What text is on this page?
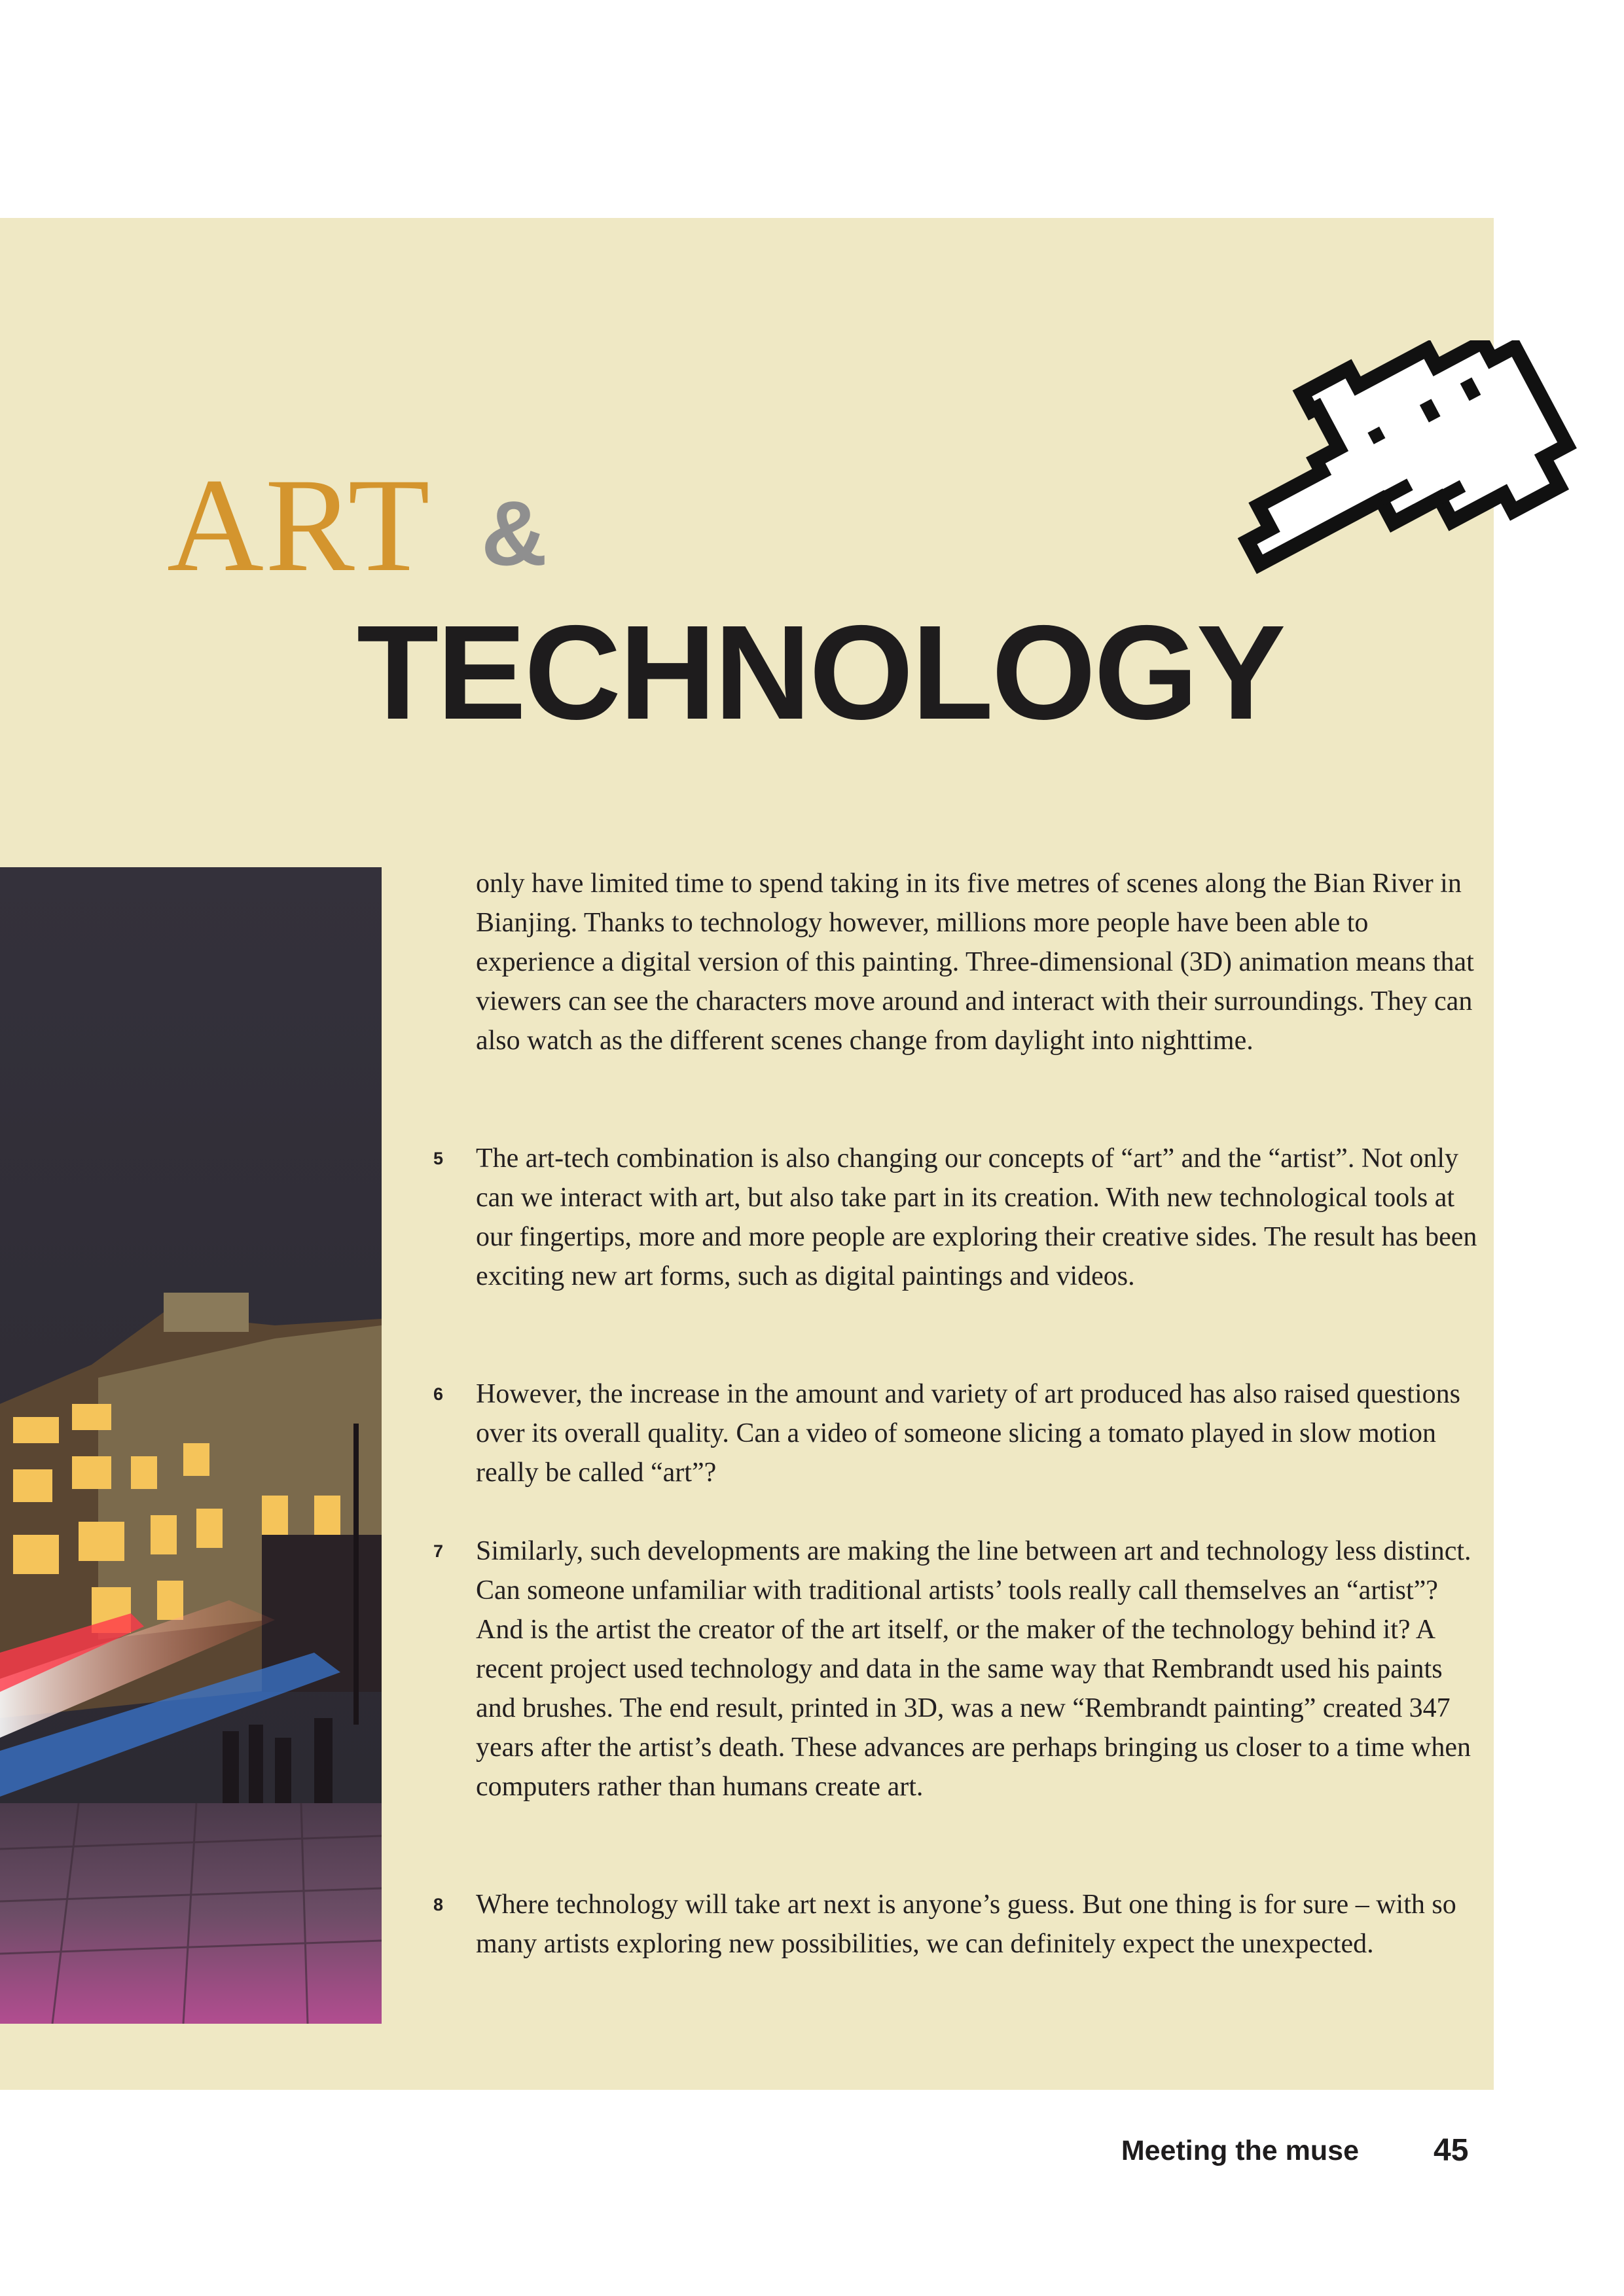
ART &
TECHNOLOGY
only have limited time to spend taking in its five metres of scenes along the Bian River in Bianjing. Thanks to technology however, millions more people have been able to experience a digital version of this painting. Three-dimensional (3D) animation means that viewers can see the characters move around and interact with their surroundings. They can also watch as the different scenes change from daylight into nighttime.
5	The art-tech combination is also changing our concepts of “art” and the “artist”. Not only can we interact with art, but also take part in its creation. With new technological tools at our fingertips, more and more people are exploring their creative sides. The result has been exciting new art forms, such as digital paintings and videos.
6	However, the increase in the amount and variety of art produced has also raised questions over its overall quality. Can a video of someone slicing a tomato played in slow motion really be called “art”?
7	Similarly, such developments are making the line between art and technology less distinct. Can someone unfamiliar with traditional artists’ tools really call themselves an “artist”? And is the artist the creator of the art itself, or the maker of the technology behind it? A recent project used technology and data in the same way that Rembrandt used his paints and brushes. The end result, printed in 3D, was a new “Rembrandt painting” created 347 years after the artist’s death. These advances are perhaps bringing us closer to a time when computers rather than humans create art.
8	Where technology will take art next is anyone’s guess. But one thing is for sure – with so many artists exploring new possibilities, we can definitely expect the unexpected.
Meeting the muse 45
